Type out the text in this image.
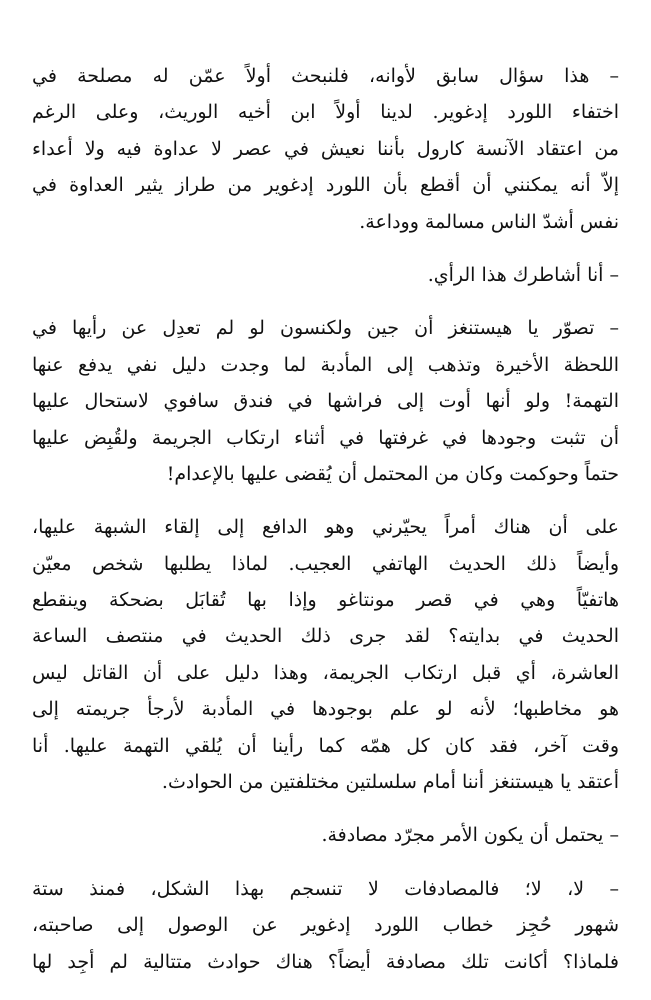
– هذا سؤال سابق لأوانه، فلنبحث أولاً عمّن له مصلحة في
اختفاء اللورد إدغوير. لدينا أولاً ابن أخيه الوريث، وعلى الرغم
من اعتقاد الآنسة كارول بأننا نعيش في عصر لا عداوة فيه ولا أعداء
إلاّ أنه يمكنني أن أقطع بأن اللورد إدغوير من طراز يثير العداوة في
نفس أشدّ الناس مسالمة ووداعة.
– أنا أشاطرك هذا الرأي.
– تصوّر يا هيستنغز أن جين ولكنسون لو لم تعدِل عن رأيها في
اللحظة الأخيرة وتذهب إلى المأدبة لما وجدت دليل نفي يدفع عنها
التهمة! ولو أنها أوت إلى فراشها في فندق سافوي لاستحال عليها
أن تثبت وجودها في غرفتها في أثناء ارتكاب الجريمة ولقُبِض عليها
حتماً وحوكمت وكان من المحتمل أن يُقضى عليها بالإعدام!
على أن هناك أمراً يحيّرني وهو الدافع إلى إلقاء الشبهة عليها،
وأيضاً ذلك الحديث الهاتفي العجيب. لماذا يطلبها شخص معيّن
هاتفيّاً وهي في قصر مونتاغو وإذا بها تُقابَل بضحكة وينقطع
الحديث في بدايته؟ لقد جرى ذلك الحديث في منتصف الساعة
العاشرة، أي قبل ارتكاب الجريمة، وهذا دليل على أن القاتل ليس
هو مخاطبها؛ لأنه لو علم بوجودها في المأدبة لأرجأ جريمته إلى
وقت آخر، فقد كان كل همّه كما رأينا أن يُلقي التهمة عليها. أنا
أعتقد يا هيستنغز أننا أمام سلسلتين مختلفتين من الحوادث.
– يحتمل أن يكون الأمر مجرّد مصادفة.
– لا، لا؛ فالمصادفات لا تنسجم بهذا الشكل، فمنذ ستة
شهور حُجِز خطاب اللورد إدغوير عن الوصول إلى صاحبته،
فلماذا؟ أكانت تلك مصادفة أيضاً؟ هناك حوادث متتالية لم أجِد لها
